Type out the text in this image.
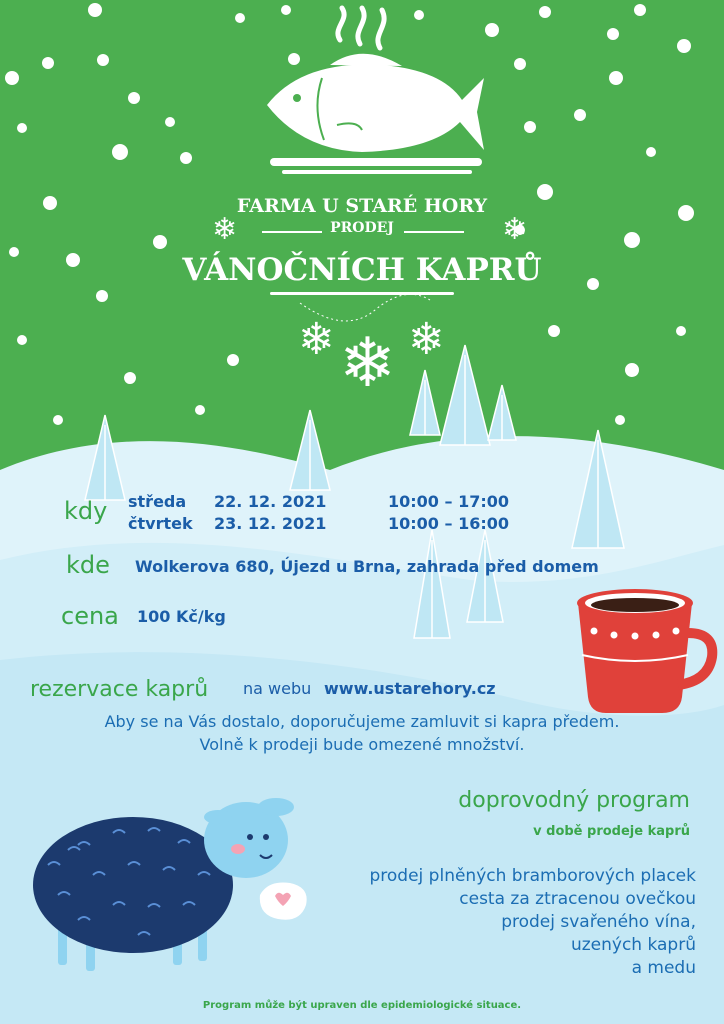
FARMA U STARÉ HORY
PRODEJ
❄	❄
VÁNOČNÍCH KAPRŮ
❄ ❄ ❄
kdy středa 22. 12. 2021	10:00 – 17:00
čtvrtek 23. 12. 2021	10:00 – 16:00
kde Wolkerova 680, Újezd u Brna, zahrada před domem
cena 100 Kč/kg
rezervace kaprů na webu www.ustarehory.cz
Aby se na Vás dostalo, doporučujeme zamluvit si kapra předem.
Volně k prodeji bude omezené množství.
doprovodný program
v době prodeje kaprů
prodej plněných bramborových placek
cesta za ztracenou ovečkou
prodej svařeného vína,
uzených kaprů
a medu
Program může být upraven dle epidemiologické situace.
